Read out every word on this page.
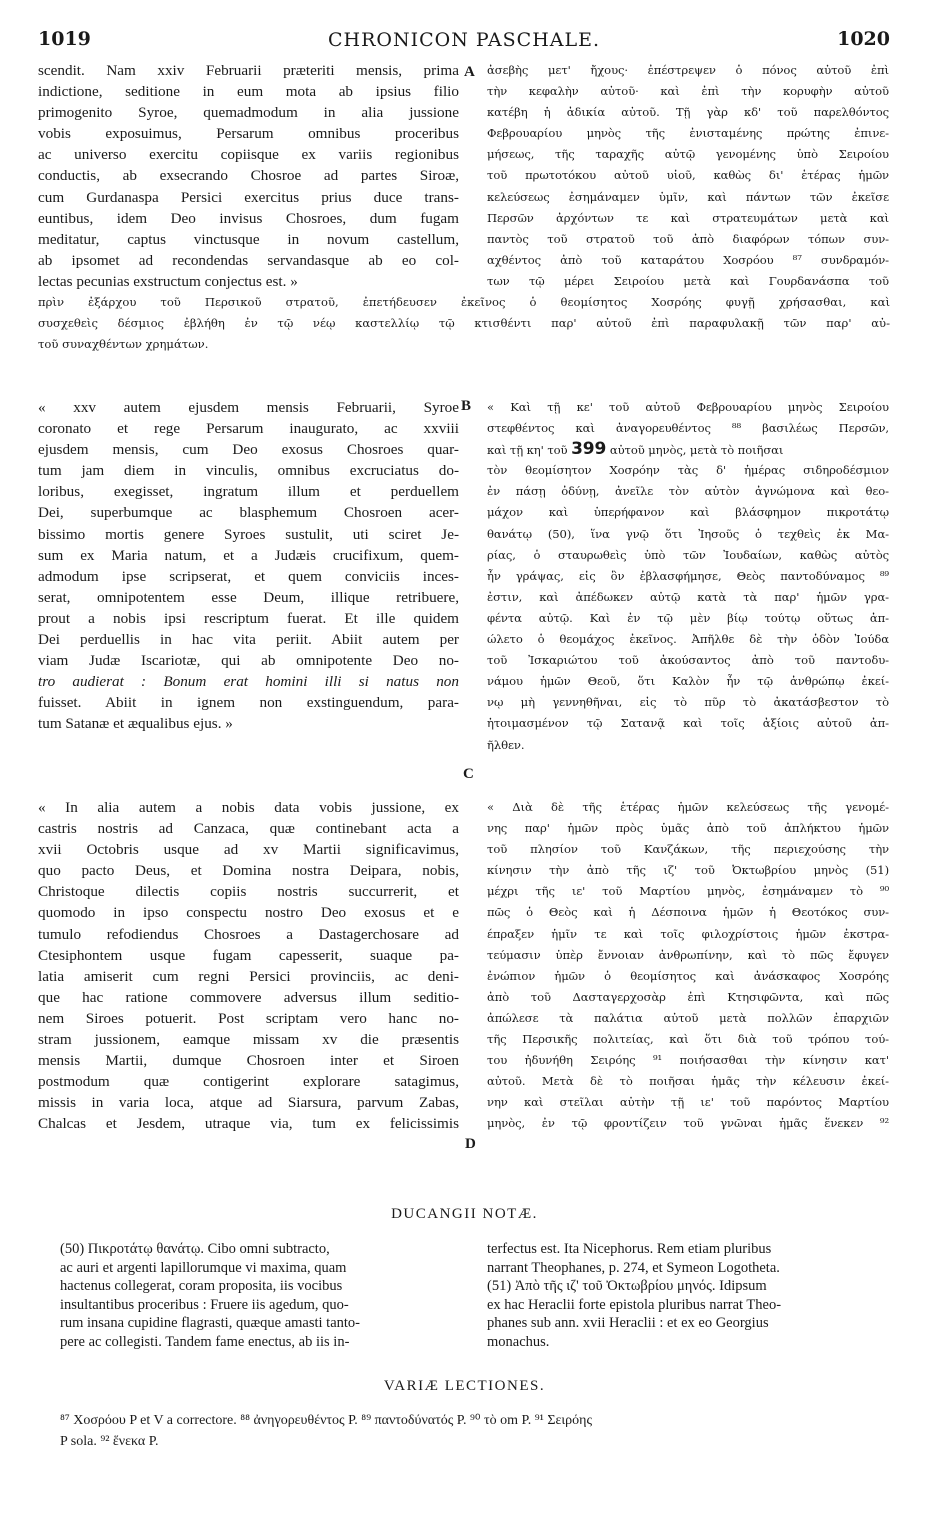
1019	CHRONICON PASCHALE.	1020
A
B
C
D
scendit. Nam xxiv Februarii præteriti mensis, prima
indictione, seditione in eum mota ab ipsius filio
primogenito Syroe, quemadmodum in alia jussione
vobis exposuimus, Persarum omnibus proceribus
ac universo exercitu copiisque ex variis regionibus
conductis, ab exsecrando Chosroe ad partes Siroæ,
cum Gurdanaspa Persici exercitus prius duce trans-
euntibus, idem Deo invisus Chosroes, dum fugam
meditatur, captus vinctusque in novum castellum,
ab ipsomet ad recondendas servandasque ab eo col-
lectas pecunias exstructum conjectus est. »
ἀσεβὴς μετ' ἤχους· ἐπέστρεψεν ὁ πόνος αὐτοῦ ἐπὶ
τὴν κεφαλὴν αὐτοῦ· καὶ ἐπὶ τὴν κορυφὴν αὐτοῦ
κατέβη ἡ ἀδικία αὐτοῦ. Τῇ γὰρ κδ' τοῦ παρελθόντος
Φεβρουαρίου μηνὸς τῆς ἐνισταμένης πρώτης ἐπινε-
μήσεως, τῆς ταραχῆς αὐτῷ γενομένης ὑπὸ Σειροίου
τοῦ πρωτοτόκου αὐτοῦ υἱοῦ, καθὼς δι' ἑτέρας ἡμῶν
κελεύσεως ἐσημάναμεν ὑμῖν, καὶ πάντων τῶν ἐκεῖσε
Περσῶν ἀρχόντων τε καὶ στρατευμάτων μετὰ καὶ
παντὸς τοῦ στρατοῦ τοῦ ἀπὸ διαφόρων τόπων συν-
αχθέντος ἀπὸ τοῦ καταράτου Χοσρόου ⁸⁷ συνδραμόν-
των τῷ μέρει Σειροίου μετὰ καὶ Γουρδανάσπα τοῦ
πρὶν ἐξάρχου τοῦ Περσικοῦ στρατοῦ, ἐπετήδευσεν ἐκεῖνος ὁ θεομίσητος Χοσρόης φυγῇ χρήσασθαι, καὶ
συσχεθεὶς δέσμιος ἐβλήθη ἐν τῷ νέῳ καστελλίῳ τῷ κτισθέντι παρ' αὐτοῦ ἐπὶ παραφυλακῇ τῶν παρ' αὐ-
τοῦ συναχθέντων χρημάτων.
« xxv autem ejusdem mensis Februarii, Syroe
coronato et rege Persarum inaugurato, ac xxviii
ejusdem mensis, cum Deo exosus Chosroes quar-
tum jam diem in vinculis, omnibus excruciatus do-
loribus, exegisset, ingratum illum et perduellem
Dei, superbumque ac blasphemum Chosroen acer-
bissimo mortis genere Syroes sustulit, uti sciret Je-
sum ex Maria natum, et a Judæis crucifixum, quem-
admodum ipse scripserat, et quem conviciis inces-
serat, omnipotentem esse Deum, illique retribuere,
prout a nobis ipsi rescriptum fuerat. Et ille quidem
Dei perduellis in hac vita periit. Abiit autem per
viam Judæ Iscariotæ, qui ab omnipotente Deo no-
tro audierat : Bonum erat homini illi si natus non
fuisset. Abiit in ignem non exstinguendum, para-
tum Satanæ et æqualibus ejus. »
« Καὶ τῇ κε' τοῦ αὐτοῦ Φεβρουαρίου μηνὸς Σειροίου
στεφθέντος καὶ ἀναγορευθέντος ⁸⁸ βασιλέως Περσῶν,
καὶ τῇ κη' τοῦ 399 αὐτοῦ μηνὸς, μετὰ τὸ ποιῆσαι
τὸν θεομίσητον Χοσρόην τὰς δ' ἡμέρας σιδηροδέσμιον
ἐν πάσῃ ὀδύνῃ, ἀνεῖλε τὸν αὐτὸν ἀγνώμονα καὶ θεο-
μάχον καὶ ὑπερήφανον καὶ βλάσφημον πικροτάτῳ
θανάτῳ (50), ἵνα γνῷ ὅτι Ἰησοῦς ὁ τεχθεὶς ἐκ Μα-
ρίας, ὁ σταυρωθεὶς ὑπὸ τῶν Ἰουδαίων, καθὼς αὐτὸς
ἦν γράψας, εἰς ὃν ἐβλασφήμησε, Θεὸς παντοδύναμος ⁸⁹
ἐστιν, καὶ ἀπέδωκεν αὐτῷ κατὰ τὰ παρ' ἡμῶν γρα-
φέντα αὐτῷ. Καὶ ἐν τῷ μὲν βίῳ τούτῳ οὕτως ἀπ-
ώλετο ὁ θεομάχος ἐκεῖνος. Ἀπῆλθε δὲ τὴν ὁδὸν Ἰούδα
τοῦ Ἰσκαριώτου τοῦ ἀκούσαντος ἀπὸ τοῦ παντοδυ-
νάμου ἡμῶν Θεοῦ, ὅτι Καλὸν ἦν τῷ ἀνθρώπῳ ἐκεί-
νῳ μὴ γεννηθῆναι, εἰς τὸ πῦρ τὸ ἀκατάσβεστον τὸ
ἡτοιμασμένον τῷ Σατανᾷ καὶ τοῖς ἀξίοις αὐτοῦ ἀπ-
ῆλθεν.
« In alia autem a nobis data vobis jussione, ex
castris nostris ad Canzaca, quæ continebant acta a
xvii Octobris usque ad xv Martii significavimus,
quo pacto Deus, et Domina nostra Deipara, nobis,
Christoque dilectis copiis nostris succurrerit, et
quomodo in ipso conspectu nostro Deo exosus et e
tumulo refodiendus Chosroes a Dastagerchosare ad
Ctesiphontem usque fugam capesserit, suaque pa-
latia amiserit cum regni Persici provinciis, ac deni-
que hac ratione commovere adversus illum seditio-
nem Siroes potuerit. Post scriptam vero hanc no-
stram jussionem, eamque missam xv die præsentis
mensis Martii, dumque Chosroen inter et Siroen
postmodum quæ contigerint explorare satagimus,
missis in varia loca, atque ad Siarsura, parvum Zabas,
Chalcas et Jesdem, utraque via, tum ex felicissimis
« Διὰ δὲ τῆς ἑτέρας ἡμῶν κελεύσεως τῆς γενομέ-
νης παρ' ἡμῶν πρὸς ὑμᾶς ἀπὸ τοῦ ἀπλήκτου ἡμῶν
τοῦ πλησίον τοῦ Κανζάκων, τῆς περιεχούσης τὴν
κίνησιν τὴν ἀπὸ τῆς ιζ' τοῦ Ὀκτωβρίου μηνὸς (51)
μέχρι τῆς ιε' τοῦ Μαρτίου μηνὸς, ἐσημάναμεν τὸ ⁹⁰
πῶς ὁ Θεὸς καὶ ἡ Δέσποινα ἡμῶν ἡ Θεοτόκος συν-
έπραξεν ἡμῖν τε καὶ τοῖς φιλοχρίστοις ἡμῶν ἐκστρα-
τεύμασιν ὑπὲρ ἔννοιαν ἀνθρωπίνην, καὶ τὸ πῶς ἔφυγεν
ἐνώπιον ἡμῶν ὁ θεομίσητος καὶ ἀνάσκαφος Χοσρόης
ἀπὸ τοῦ Δασταγερχοσὰρ ἐπὶ Κτησιφῶντα, καὶ πῶς
ἀπώλεσε τὰ παλάτια αὐτοῦ μετὰ πολλῶν ἐπαρχιῶν
τῆς Περσικῆς πολιτείας, καὶ ὅτι διὰ τοῦ τρόπου τού-
του ἠδυνήθη Σειρόης ⁹¹ ποιήσασθαι τὴν κίνησιν κατ'
αὐτοῦ. Μετὰ δὲ τὸ ποιῆσαι ἡμᾶς τὴν κέλευσιν ἐκεί-
νην καὶ στεῖλαι αὐτὴν τῇ ιε' τοῦ παρόντος Μαρτίου
μηνὸς, ἐν τῷ φροντίζειν τοῦ γνῶναι ἡμᾶς ἕνεκεν ⁹²
DUCANGII NOTÆ.
(50) Πικροτάτῳ θανάτῳ. Cibo omni subtracto,
ac auri et argenti lapillorumque vi maxima, quam
hactenus collegerat, coram proposita, iis vocibus
insultantibus proceribus : Fruere iis agedum, quo-
rum insana cupidine flagrasti, quæque amasti tanto-
pere ac collegisti. Tandem fame enectus, ab iis in-
terfectus est. Ita Nicephorus. Rem etiam pluribus
narrant Theophanes, p. 274, et Symeon Logotheta.
(51) Ἀπὸ τῆς ιζ' τοῦ Ὀκτωβρίου μηνός. Idipsum
ex hac Heraclii forte epistola pluribus narrat Theo-
phanes sub ann. xvii Heraclii : et ex eo Georgius
monachus.
VARIÆ LECTIONES.
⁸⁷ Χοσρόου P et V a correctore. ⁸⁸ ἀνηγορευθέντος P. ⁸⁹ παντοδύνατός P. ⁹⁰ τὸ om P. ⁹¹ Σειρόης
P sola. ⁹² ἕνεκα P.
